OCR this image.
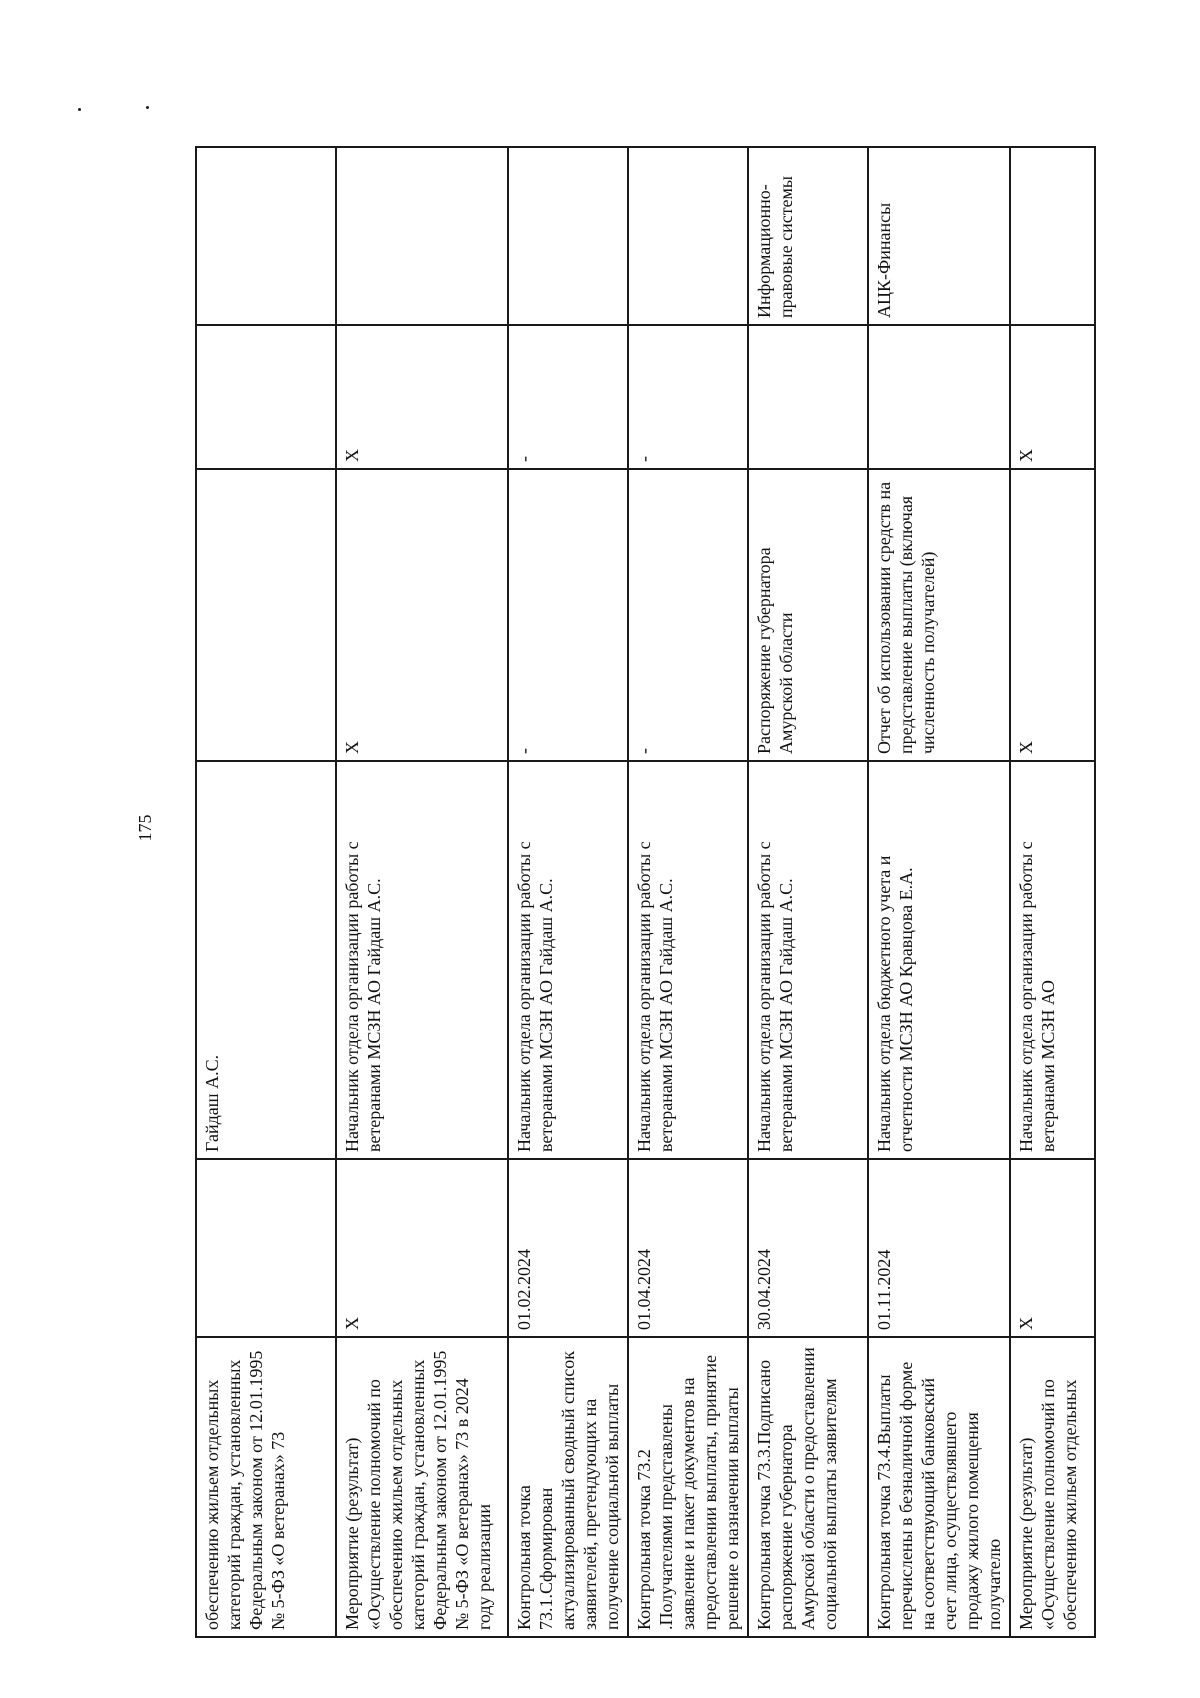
175
обеспечению жильем отдельных категорий граждан, установленных Федеральным законом от 12.01.1995 № 5-ФЗ «О ветеранах» 73		Гайдаш А.С.			
Мероприятие (результат) «Осуществление полномочий по обеспечению жильем отдельных категорий граждан, установленных Федеральным законом от 12.01.1995 № 5-ФЗ «О ветеранах» 73 в 2024 году реализации	X	Начальник отдела организации работы с ветеранами МСЗН АО Гайдаш А.С.	X	X	
Контрольная точка 73.1.Сформирован актуализированный сводный список заявителей, претендующих на получение социальной выплаты	01.02.2024	Начальник отдела организации работы с ветеранами МСЗН АО Гайдаш А.С.	-	-	
Контрольная точка 73.2 .Получателями представлены заявление и пакет документов на предоставлении выплаты, принятие решение о назначении выплаты	01.04.2024	Начальник отдела организации работы с ветеранами МСЗН АО Гайдаш А.С.	-	-	
Контрольная точка 73.3.Подписано распоряжение губернатора Амурской области о предоставлении социальной выплаты заявителям	30.04.2024	Начальник отдела организации работы с ветеранами МСЗН АО Гайдаш А.С.	Распоряжение губернатора Амурской области		Информационно-правовые системы
Контрольная точка 73.4.Выплаты перечислены в безналичной форме на соответствующий банковский счет лица, осуществлявшего продажу жилого помещения получателю	01.11.2024	Начальник отдела бюджетного учета и отчетности МСЗН АО Кравцова Е.А.	Отчет об использовании средств на представление выплаты (включая численность получателей)		АЦК-Финансы
Мероприятие (результат) «Осуществление полномочий по обеспечению жильем отдельных	X	Начальник отдела организации работы с ветеранами МСЗН АО	X	X	
